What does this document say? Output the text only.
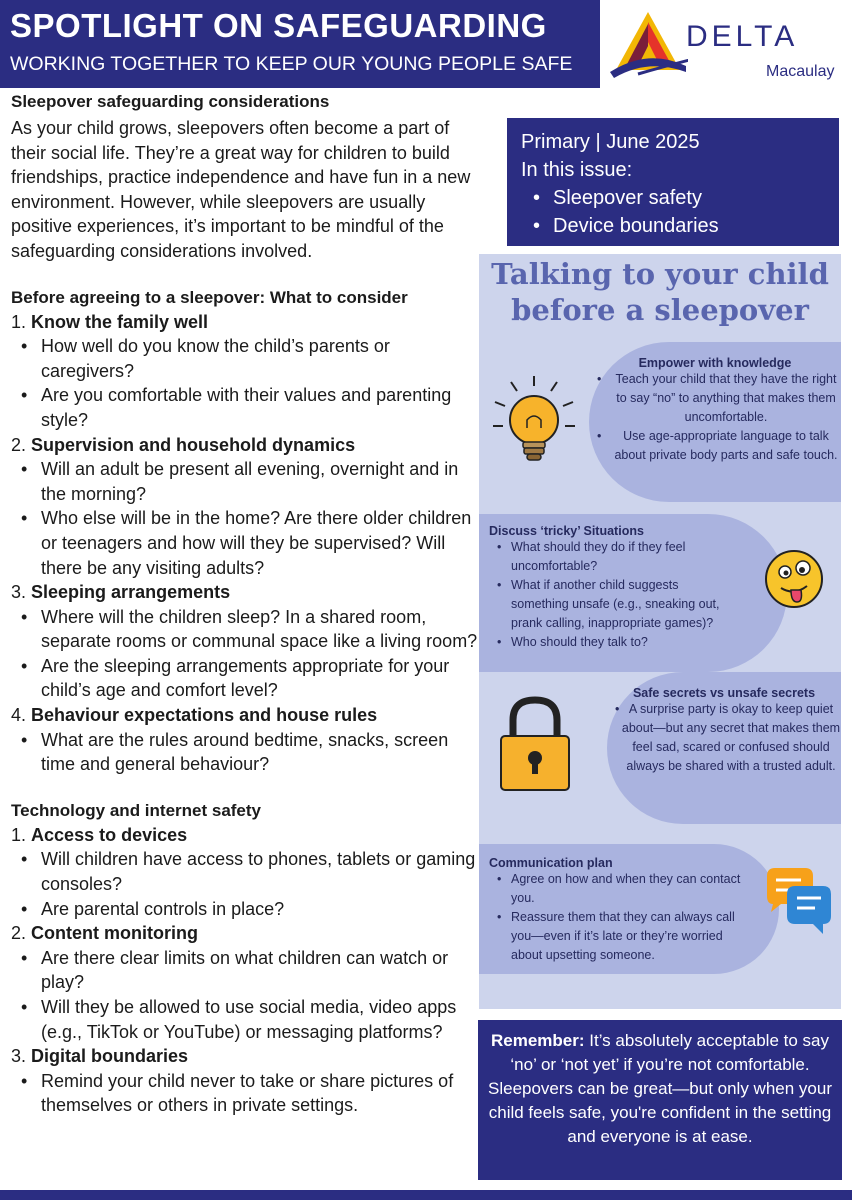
SPOTLIGHT ON SAFEGUARDING
WORKING TOGETHER TO KEEP OUR YOUNG PEOPLE SAFE
DELTA
Macaulay
Sleepover safeguarding considerations
As your child grows, sleepovers often become a part of their social life. They’re a great way for children to build friendships, practice independence and have fun in a new environment. However, while sleepovers are usually positive experiences, it’s important to be mindful of the safeguarding considerations involved.
Before agreeing to a sleepover: What to consider
1. Know the family well
• How well do you know the child’s parents or caregivers?
• Are you comfortable with their values and parenting style?
2. Supervision and household dynamics
• Will an adult be present all evening, overnight and in the morning?
• Who else will be in the home? Are there older children or teenagers and how will they be supervised? Will there be any visiting adults?
3. Sleeping arrangements
• Where will the children sleep? In a shared room, separate rooms or communal space like a living room?
• Are the sleeping arrangements appropriate for your child’s age and comfort level?
4. Behaviour expectations and house rules
• What are the rules around bedtime, snacks, screen time and general behaviour?
Technology and internet safety
1. Access to devices
• Will children have access to phones, tablets or gaming consoles?
• Are parental controls in place?
2. Content monitoring
• Are there clear limits on what children can watch or play?
• Will they be allowed to use social media, video apps (e.g., TikTok or YouTube) or messaging platforms?
3. Digital boundaries
• Remind your child never to take or share pictures of themselves or others in private settings.
Primary | June 2025
In this issue:
• Sleepover safety
• Device boundaries
Talking to your child
before a sleepover
Empower with knowledge
• Teach your child that they have the right to say “no” to anything that makes them uncomfortable.
• Use age-appropriate language to talk about private body parts and safe touch.
Discuss ‘tricky’ Situations
• What should they do if they feel uncomfortable?
• What if another child suggests something unsafe (e.g., sneaking out, prank calling, inappropriate games)?
• Who should they talk to?
Safe secrets vs unsafe secrets
• A surprise party is okay to keep quiet about—but any secret that makes them feel sad, scared or confused should always be shared with a trusted adult.
Communication plan
• Agree on how and when they can contact you.
• Reassure them that they can always call you—even if it’s late or they’re worried about upsetting someone.
Remember: It’s absolutely acceptable to say ‘no’ or ‘not yet’ if you’re not comfortable.
Sleepovers can be great—but only when your child feels safe, you're confident in the setting and everyone is at ease.
